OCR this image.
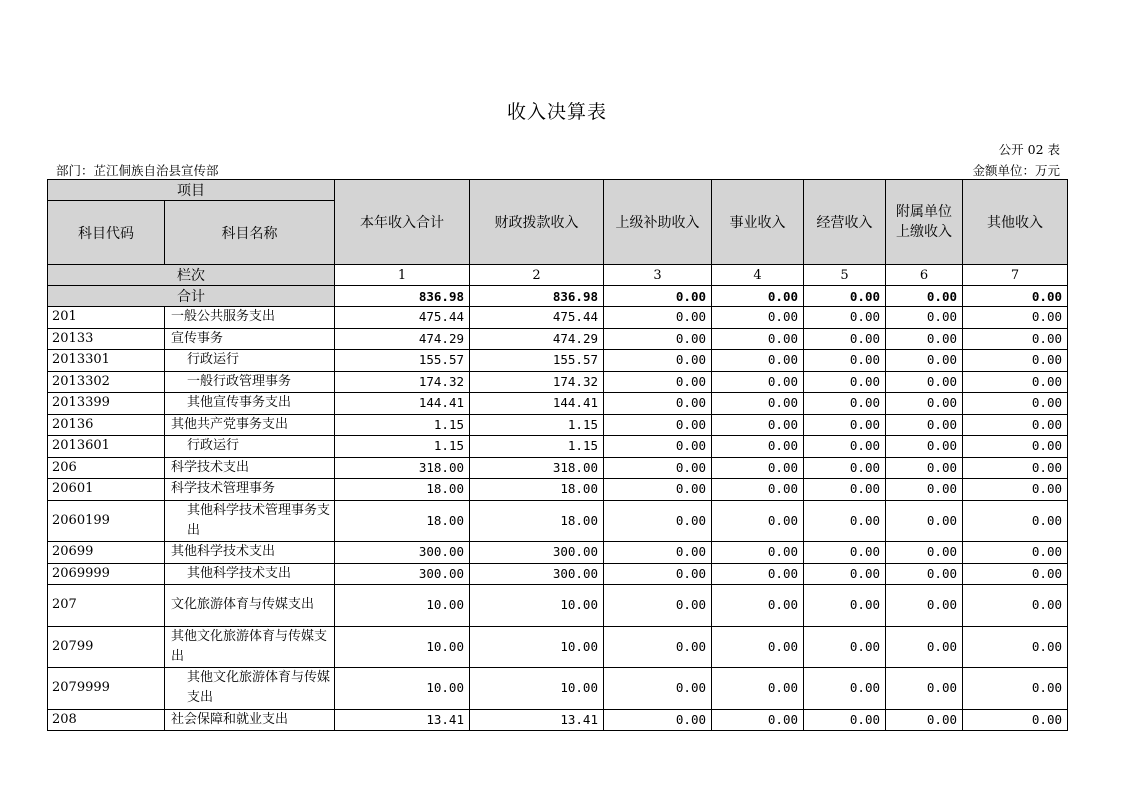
收入决算表
公开 02 表
部门：芷江侗族自治县宣传部	金额单位：万元
项目		本年收入合计	财政拨款收入	上级补助收入	事业收入	经营收入	附属单位上缴收入	其他收入
科目代码	科目名称							
栏次		1	2	3	4	5	6	7
合计		836.98	836.98	0.00	0.00	0.00	0.00	0.00
201	一般公共服务支出	475.44	475.44	0.00	0.00	0.00	0.00	0.00
20133	宣传事务	474.29	474.29	0.00	0.00	0.00	0.00	0.00
2013301	行政运行	155.57	155.57	0.00	0.00	0.00	0.00	0.00
2013302	一般行政管理事务	174.32	174.32	0.00	0.00	0.00	0.00	0.00
2013399	其他宣传事务支出	144.41	144.41	0.00	0.00	0.00	0.00	0.00
20136	其他共产党事务支出	1.15	1.15	0.00	0.00	0.00	0.00	0.00
2013601	行政运行	1.15	1.15	0.00	0.00	0.00	0.00	0.00
206	科学技术支出	318.00	318.00	0.00	0.00	0.00	0.00	0.00
20601	科学技术管理事务	18.00	18.00	0.00	0.00	0.00	0.00	0.00
2060199	其他科学技术管理事务支出	18.00	18.00	0.00	0.00	0.00	0.00	0.00
20699	其他科学技术支出	300.00	300.00	0.00	0.00	0.00	0.00	0.00
2069999	其他科学技术支出	300.00	300.00	0.00	0.00	0.00	0.00	0.00
207	文化旅游体育与传媒支出	10.00	10.00	0.00	0.00	0.00	0.00	0.00
20799	其他文化旅游体育与传媒支出	10.00	10.00	0.00	0.00	0.00	0.00	0.00
2079999	其他文化旅游体育与传媒支出	10.00	10.00	0.00	0.00	0.00	0.00	0.00
208	社会保障和就业支出	13.41	13.41	0.00	0.00	0.00	0.00	0.00
